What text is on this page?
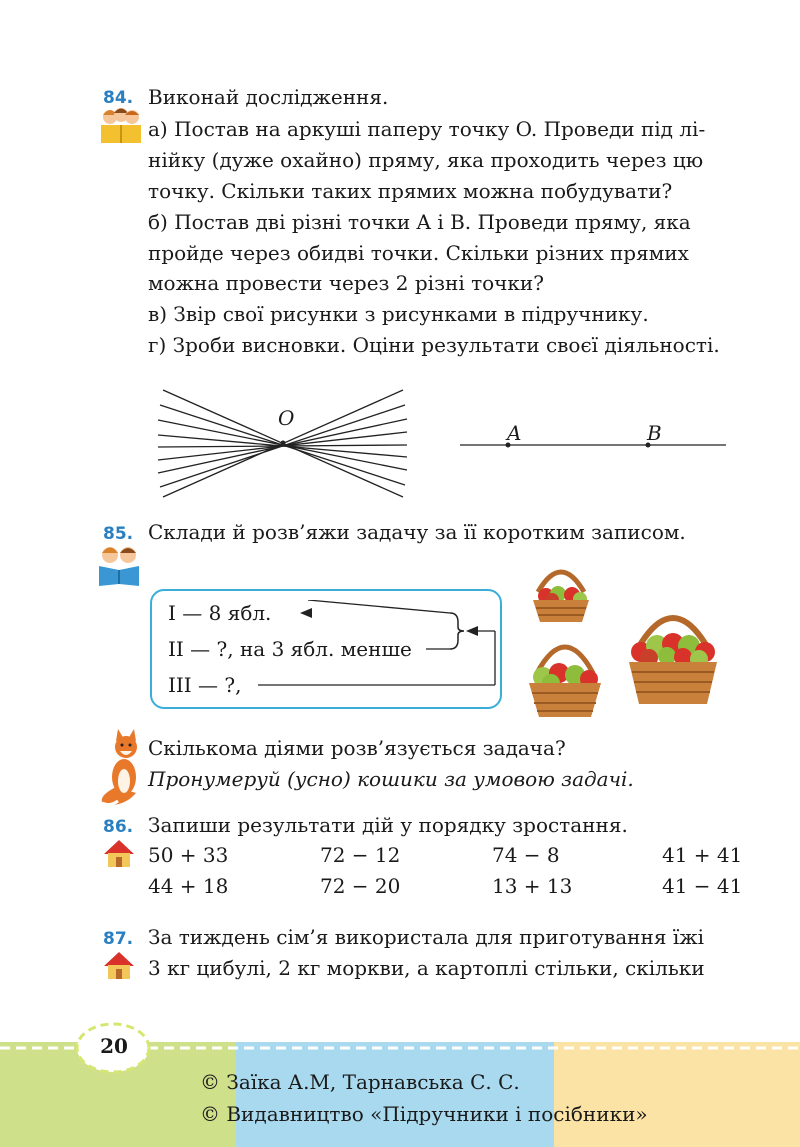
84. Виконай дослідження.
а) Постав на аркуші паперу точку O. Проведи під лі-
нійку (дуже охайно) пряму, яка проходить через цю
точку. Скільки таких прямих можна побудувати?
б) Постав дві різні точки A і B. Проведи пряму, яка
пройде через обидві точки. Скільки різних прямих
можна провести через 2 різні точки?
в) Звір свої рисунки з рисунками в підручнику.
г) Зроби висновки. Оціни результати своєї діяльності.
O
A	B
85. Склади й розв’яжи задачу за її коротким записом.
I — 8 ябл.
II — ?, на 3 ябл. менше
III — ?,
Скількома діями розв’язується задача?
Пронумеруй (усно) кошики за умовою задачі.
86. Запиши результати дій у порядку зростання.
50 + 33	72 − 12	74 − 8	41 + 41
44 + 18	72 − 20	13 + 13	41 − 41
87. За тиждень сім’я використала для приготування їжі
3 кг цибулі, 2 кг моркви, а картоплі стільки, скільки
20
© Заїка А.М, Тарнавська С. С.
© Видавництво «Підручники і посібники»
